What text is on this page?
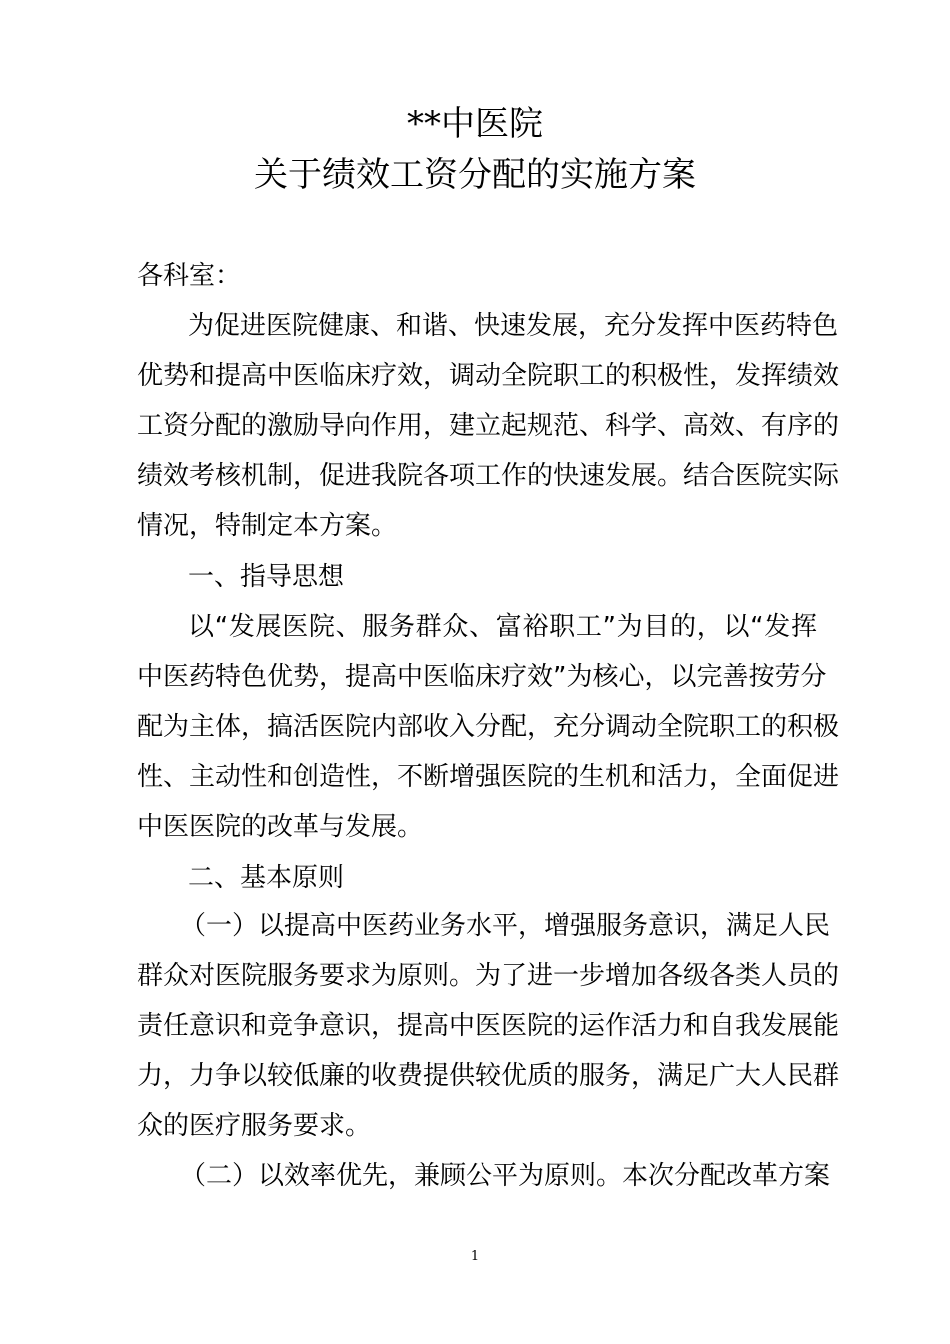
**中医院
关于绩效工资分配的实施方案
各科室：
为促进医院健康、和谐、快速发展，充分发挥中医药特色
优势和提高中医临床疗效，调动全院职工的积极性，发挥绩效
工资分配的激励导向作用，建立起规范、科学、高效、有序的
绩效考核机制，促进我院各项工作的快速发展。结合医院实际
情况，特制定本方案。
一、指导思想
以“发展医院、服务群众、富裕职工”为目的，以“发挥
中医药特色优势，提高中医临床疗效”为核心，以完善按劳分
配为主体，搞活医院内部收入分配，充分调动全院职工的积极
性、主动性和创造性，不断增强医院的生机和活力，全面促进
中医医院的改革与发展。
二、基本原则
（一）以提高中医药业务水平，增强服务意识，满足人民
群众对医院服务要求为原则。为了进一步增加各级各类人员的
责任意识和竞争意识，提高中医医院的运作活力和自我发展能
力，力争以较低廉的收费提供较优质的服务，满足广大人民群
众的医疗服务要求。
（二）以效率优先，兼顾公平为原则。本次分配改革方案
1
